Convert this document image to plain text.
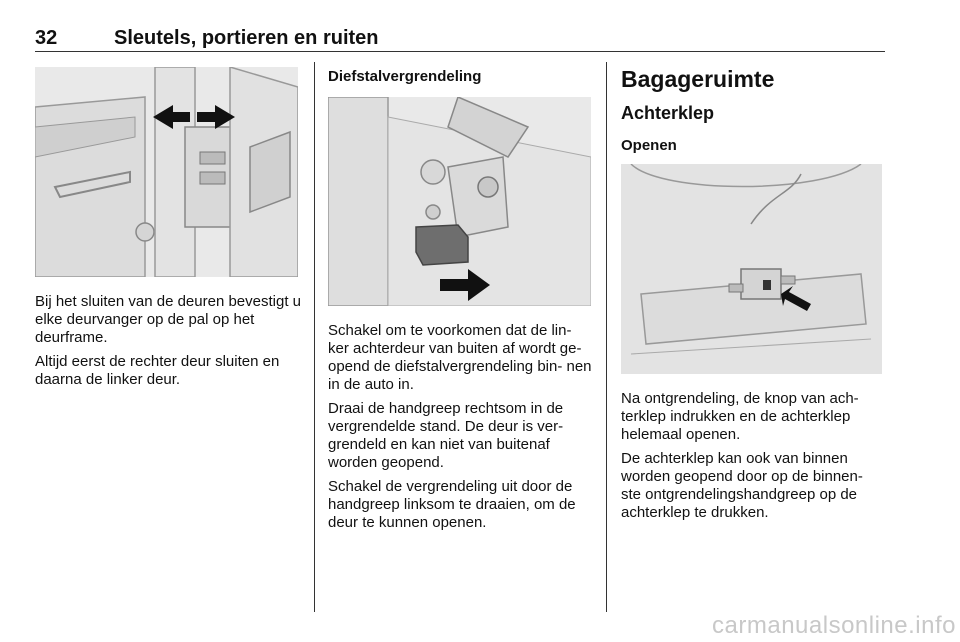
32	Sleutels, portieren en ruiten

Bij het sluiten van de deuren bevestigt u elke deurvanger op de pal op het deurframe.

Altijd eerst de rechter deur sluiten en daarna de linker deur.

Diefstalvergrendeling

Schakel om te voorkomen dat de lin- ker achterdeur van buiten af wordt ge- opend de diefstalvergrendeling bin- nen in de auto in.

Draai de handgreep rechtsom in de vergrendelde stand. De deur is ver- grendeld en kan niet van buitenaf worden geopend.

Schakel de vergrendeling uit door de handgreep linksom te draaien, om de deur te kunnen openen.

Bagageruimte
Achterklep
Openen

Na ontgrendeling, de knop van ach- terklep indrukken en de achterklep helemaal openen.

De achterklep kan ook van binnen worden geopend door op de binnen- ste ontgrendelingshandgreep op de achterklep te drukken.

carmanualsonline.info
